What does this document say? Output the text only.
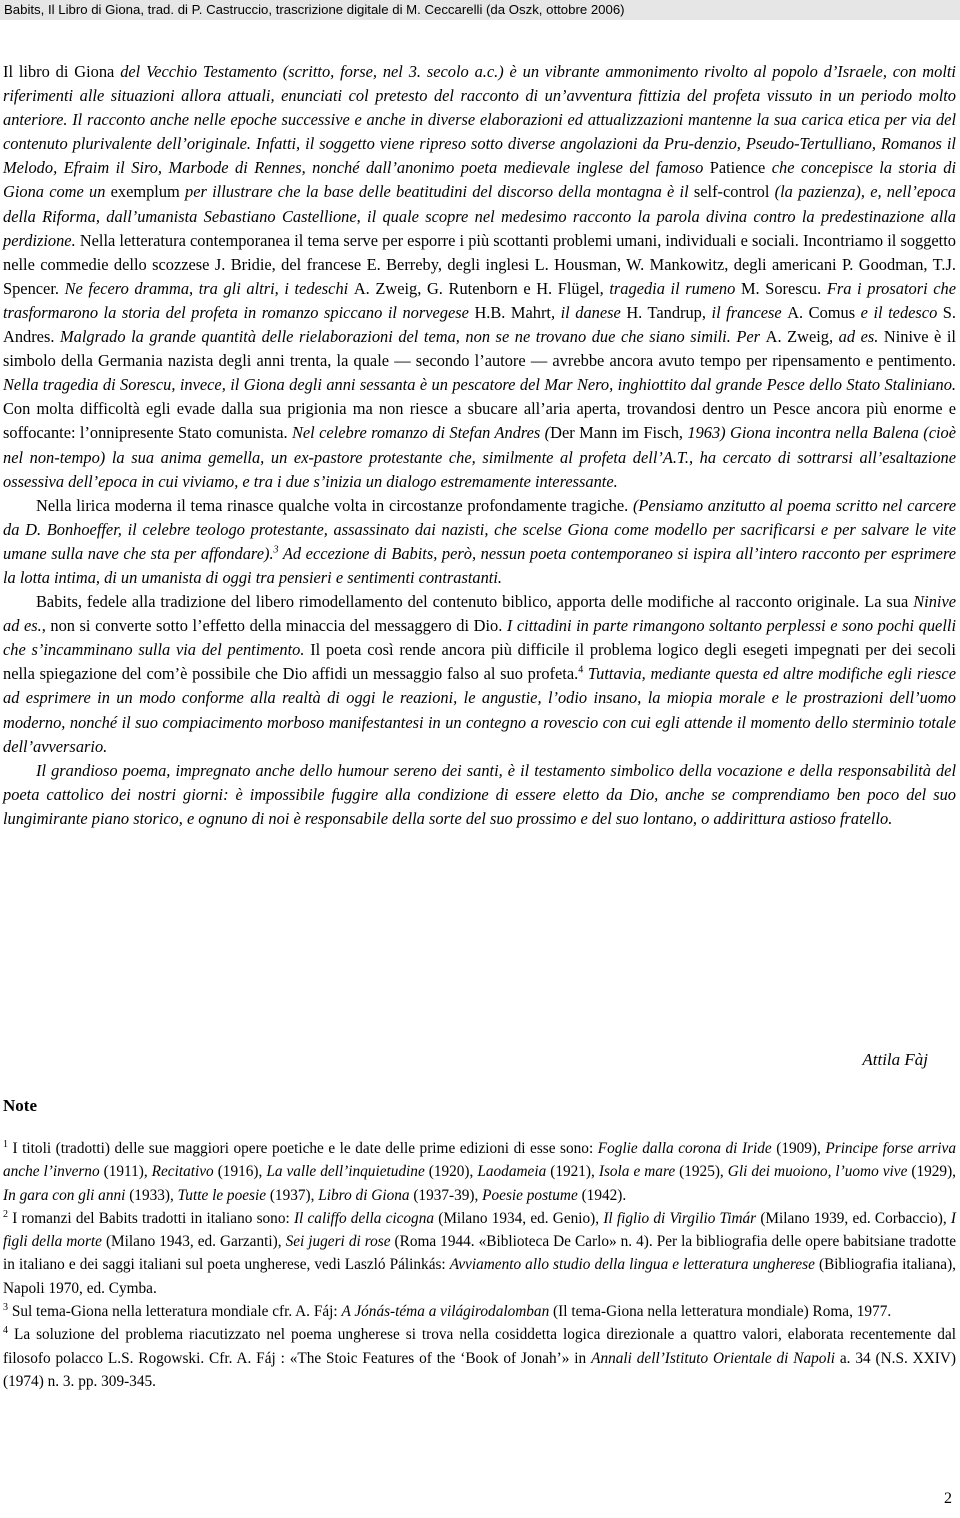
Babits, Il Libro di Giona, trad. di P. Castruccio, trascrizione digitale di M. Ceccarelli (da Oszk, ottobre 2006)

Il libro di Giona del Vecchio Testamento (scritto, forse, nel 3. secolo a.c.) è un vibrante ammonimento rivolto al popolo d’Israele, con molti riferimenti alle situazioni allora attuali, enunciati col pretesto del racconto di un’avventura fittizia del profeta vissuto in un periodo molto anteriore. Il racconto anche nelle epoche successive e anche in diverse elaborazioni ed attualizzazioni mantenne la sua carica etica per via del contenuto plurivalente dell’originale. Infatti, il soggetto viene ripreso sotto diverse angolazioni da Pru-denzio, Pseudo-Tertulliano, Romanos il Melodo, Efraim il Siro, Marbode di Rennes, nonché dall’anonimo poeta medievale inglese del famoso Patience che concepisce la storia di Giona come un exemplum per illustrare che la base delle beatitudini del discorso della montagna è il self-control (la pazienza), e, nell’epoca della Riforma, dall’umanista Sebastiano Castellione, il quale scopre nel medesimo racconto la parola divina contro la predestinazione alla perdizione. Nella letteratura contemporanea il tema serve per esporre i più scottanti problemi umani, individuali e sociali. Incontriamo il soggetto nelle commedie dello scozzese J. Bridie, del francese E. Berreby, degli inglesi L. Housman, W. Mankowitz, degli americani P. Goodman, T.J. Spencer. Ne fecero dramma, tra gli altri, i tedeschi A. Zweig, G. Rutenborn e H. Flügel, tragedia il rumeno M. Sorescu. Fra i prosatori che trasformarono la storia del profeta in romanzo spiccano il norvegese H.B. Mahrt, il danese H. Tandrup, il francese A. Comus e il tedesco S. Andres. Malgrado la grande quantità delle rielaborazioni del tema, non se ne trovano due che siano simili. Per A. Zweig, ad es. Ninive è il simbolo della Germania nazista degli anni trenta, la quale — secondo l’autore — avrebbe ancora avuto tempo per ripensamento e pentimento. Nella tragedia di Sorescu, invece, il Giona degli anni sessanta è un pescatore del Mar Nero, inghiottito dal grande Pesce dello Stato Staliniano. Con molta difficoltà egli evade dalla sua prigionia ma non riesce a sbucare all’aria aperta, trovandosi dentro un Pesce ancora più enorme e soffocante: l’onnipresente Stato comunista. Nel celebre romanzo di Stefan Andres (Der Mann im Fisch, 1963) Giona incontra nella Balena (cioè nel non-tempo) la sua anima gemella, un ex-pastore protestante che, similmente al profeta dell’A.T., ha cercato di sottrarsi all’esaltazione ossessiva dell’epoca in cui viviamo, e tra i due s’inizia un dialogo estremamente interessante.

Nella lirica moderna il tema rinasce qualche volta in circostanze profondamente tragiche. (Pensiamo anzitutto al poema scritto nel carcere da D. Bonhoeffer, il celebre teologo protestante, assassinato dai nazisti, che scelse Giona come modello per sacrificarsi e per salvare le vite umane sulla nave che sta per affondare).$^3$ Ad eccezione di Babits, però, nessun poeta contemporaneo si ispira all’intero racconto per esprimere la lotta intima, di un umanista di oggi tra pensieri e sentimenti contrastanti.

Babits, fedele alla tradizione del libero rimodellamento del contenuto biblico, apporta delle modifiche al racconto originale. La sua Ninive ad es., non si converte sotto l’effetto della minaccia del messaggero di Dio. I cittadini in parte rimangono soltanto perplessi e sono pochi quelli che s’incamminano sulla via del pentimento. Il poeta così rende ancora più difficile il problema logico degli esegeti impegnati per dei secoli nella spiegazione del com’è possibile che Dio affidi un messaggio falso al suo profeta.$^4$ Tuttavia, mediante questa ed altre modifiche egli riesce ad esprimere in un modo conforme alla realtà di oggi le reazioni, le angustie, l’odio insano, la miopia morale e le prostrazioni dell’uomo moderno, nonché il suo compiacimento morboso manifestantesi in un contegno a rovescio con cui egli attende il momento dello sterminio totale dell’avversario.

Il grandioso poema, impregnato anche dello humour sereno dei santi, è il testamento simbolico della vocazione e della responsabilità del poeta cattolico dei nostri giorni: è impossibile fuggire alla condizione di essere eletto da Dio, anche se comprendiamo ben poco del suo lungimirante piano storico, e ognuno di noi è responsabile della sorte del suo prossimo e del suo lontano, o addirittura astioso fratello.

Attila Fàj
Note

$^1$ I titoli (tradotti) delle sue maggiori opere poetiche e le date delle prime edizioni di esse sono: Foglie dalla corona di Iride (1909), Principe forse arriva anche l’inverno (1911), Recitativo (1916), La valle dell’inquietudine (1920), Laodameia (1921), Isola e mare (1925), Gli dei muoiono, l’uomo vive (1929), In gara con gli anni (1933), Tutte le poesie (1937), Libro di Giona (1937-39), Poesie postume (1942).

$^2$ I romanzi del Babits tradotti in italiano sono: Il califfo della cicogna (Milano 1934, ed. Genio), Il figlio di Virgilio Timár (Milano 1939, ed. Corbaccio), I figli della morte (Milano 1943, ed. Garzanti), Sei jugeri di rose (Roma 1944. «Biblioteca De Carlo» n. 4). Per la bibliografia delle opere babitsiane tradotte in italiano e dei saggi italiani sul poeta ungherese, vedi Laszló Pálinkás: Avviamento allo studio della lingua e letteratura ungherese (Bibliografia italiana), Napoli 1970, ed. Cymba.

$^3$ Sul tema-Giona nella letteratura mondiale cfr. A. Fáj: A Jónás-téma a világirodalomban (Il tema-Giona nella letteratura mondiale) Roma, 1977.

$^4$ La soluzione del problema riacutizzato nel poema ungherese si trova nella cosiddetta logica direzionale a quattro valori, elaborata recentemente dal filosofo polacco L.S. Rogowski. Cfr. A. Fáj : «The Stoic Features of the ‘Book of Jonah’» in Annali dell’Istituto Orientale di Napoli a. 34 (N.S. XXIV) (1974) n. 3. pp. 309-345.

2
